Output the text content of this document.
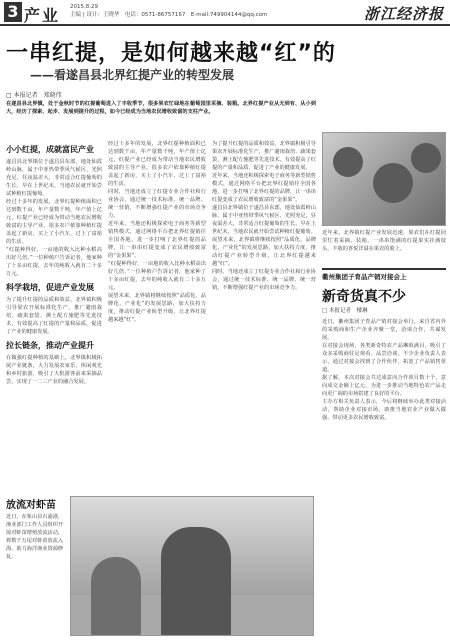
3 产业 2015.8.29
主编 | 设计：王晓华　电话：0571-86757167　E-mail:74990414​4@qq.com	浙江经济报
一串红提，是如何越来越“红”的
——看遂昌县北界红提产业的转型发展
□ 本报记者　郑晓伟

在遂昌县北界镇，处于金秋时节的红提葡萄进入了丰收季节，很多果农忙碌地在葡萄园里采摘、装箱。北界红提产业从无到有、从小到大，经历了探索、起步、发展到提升的过程，如今已经成为当地农民增收致富的支柱产业。

小小红提，成就富民产业

遂昌县北界镇位于遂昌县东部，地处仙霞岭山脉，属于中亚热带季风气候区，光照充足，昼夜温差大，非常适合红提葡萄的生长。早在上世纪末，当地农民就开始尝试种植红提葡萄。

经过十多年的发展，北界红提种植面积已达到数千亩，年产量数千吨，年产值上亿元，红提产业已经成为带动当地农民增收致富的主导产业。很多农户依靠种植红提盖起了新房，买上了小汽车，过上了富裕的生活。

“红提种得好，一亩地的收入比种水稻高出好几倍。”一位种植户告诉记者，他家种了十多亩红提，去年的纯收入就有二十多万元。

科学栽培，促进产业发展

为了提升红提的品质和效益，北界镇积极引导果农开展标准化生产，推广避雨栽培、疏果套袋、测土配方施肥等先进技术，有效提高了红提的产量和品质，促进了产业的健康发展。

拉长链条，推动产业提升

在做强红提种植的基础上，北界镇积极拓展产业链条，大力发展农家乐、休闲观光和乡村旅游，吸引了大批游客前来采摘品尝，实现了一二三产业的融合发展。

经过十多年的发展，北界红提种植面积已达到数千亩，年产量数千吨，年产值上亿元，红提产业已经成为带动当地农民增收致富的主导产业。很多农户依靠种植红提盖起了新房，买上了小汽车，过上了富裕的生活。

同时，当地还成立了红提专业合作社和行业协会，通过统一技术标准、统一品牌、统一营销，不断增强红提产业的市场竞争力。

近年来，当地还积极探索电子商务等新型销售模式，通过网络平台把北界红提销往全国各地，进一步打响了北界红提的品牌，让一串串红提变成了农民增收致富的“金果果”。

“红提种得好，一亩地的收入比种水稻高出好几倍。”一位种植户告诉记者，他家种了十多亩红提，去年的纯收入就有二十多万元。

展望未来，北界镇将继续按照“品质化、品牌化、产业化”的发展思路，加大扶持力度，推动红提产业转型升级，让北界红提越来越“红”。

为了提升红提的品质和效益，北界镇积极引导果农开展标准化生产，推广避雨栽培、疏果套袋、测土配方施肥等先进技术，有效提高了红提的产量和品质，促进了产业的健康发展。

近年来，当地还积极探索电子商务等新型销售模式，通过网络平台把北界红提销往全国各地，进一步打响了北界红提的品牌，让一串串红提变成了农民增收致富的“金果果”。

遂昌县北界镇位于遂昌县东部，地处仙霞岭山脉，属于中亚热带季风气候区，光照充足，昼夜温差大，非常适合红提葡萄的生长。早在上世纪末，当地农民就开始尝试种植红提葡萄。

展望未来，北界镇将继续按照“品质化、品牌化、产业化”的发展思路，加大扶持力度，推动红提产业转型升级，让北界红提越来越“红”。

同时，当地还成立了红提专业合作社和行业协会，通过统一技术标准、统一品牌、统一营销，不断增强红提产业的市场竞争力。

放流对虾苗

近日，在象山县石浦港，渔业部门工作人员组织开展对虾苗增殖放流活动，将数千万尾对虾苗放流入海，助力海洋渔业资源修复。

近年来，北界镇红提产业发展迅速，果农们在红提园里忙着采摘、装箱，一串串饱满的红提果实挂满枝头，丰收的喜悦洋溢在果农的脸上。

衢州集团子育品产销对接会上
新奇货真不少
□ 本报记者　楼琳

近日，衢州集团子育品产销对接会举行，来自省内外的采购商和生产企业齐聚一堂，洽谈合作，共谋发展。

在对接会现场，各类新奇特农产品琳琅满目，吸引了众多采购商驻足观看、品尝洽谈。不少企业负责人表示，通过对接会找到了合作伙伴，拓宽了产品销售渠道。

据了解，本次对接会共达成意向合作项目数十个，意向成交金额上亿元，为进一步推动当地特色农产品走向更广阔的市场搭建了良好的平台。

主办方相关负责人表示，今后将继续举办此类对接活动，帮助企业对接市场，助推当地农业产业做大做强，带动更多农民增收致富。
